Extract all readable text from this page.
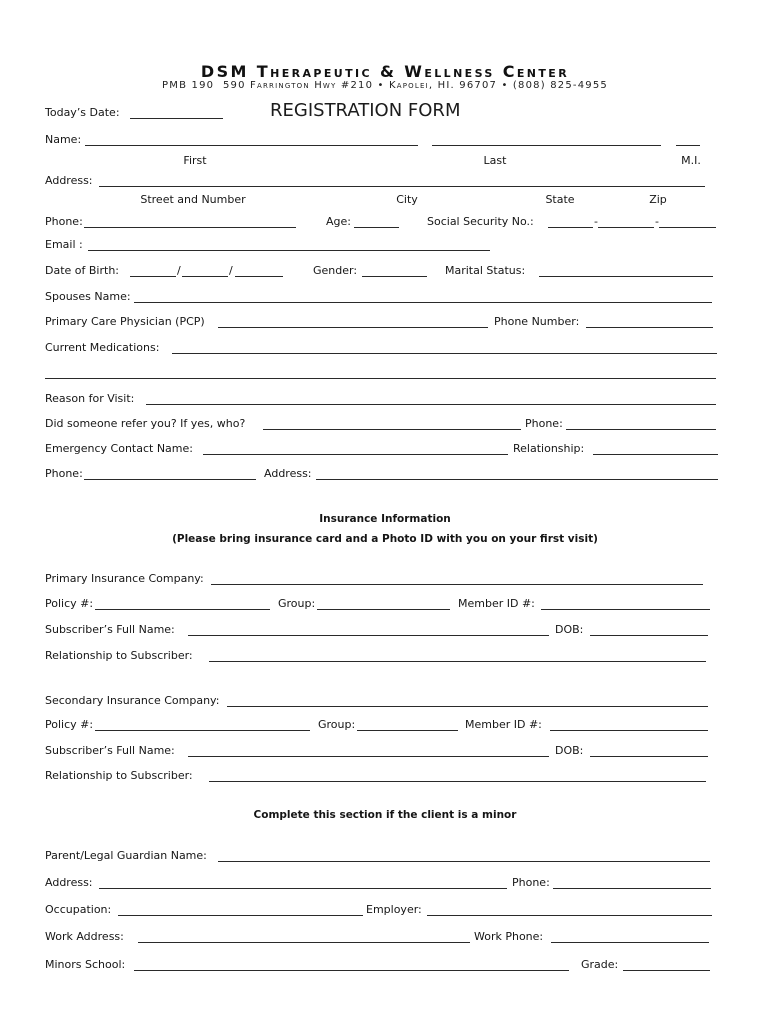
DSM Therapeutic & Wellness Center
PMB 190  590 Farrington Hwy #210 • Kapolei, HI. 96707 • (808) 825-4955
REGISTRATION FORM
Today’s Date:
Name:
First	Last	M.I.
Address:
Street and Number	City	State	Zip
Phone:	Age:	Social Security No.:	-	-
Email :
Date of Birth:	/	/	Gender:	Marital Status:
Spouses Name:
Primary Care Physician (PCP)	Phone Number:
Current Medications:
Reason for Visit:
Did someone refer you? If yes, who?	Phone:
Emergency Contact Name:	Relationship:
Phone:	Address:
Insurance Information
(Please bring insurance card and a Photo ID with you on your first visit)
Primary Insurance Company:
Policy #:	Group:	Member ID #:
Subscriber’s Full Name:	DOB:
Relationship to Subscriber:
Secondary Insurance Company:
Policy #:	Group:	Member ID #:
Subscriber’s Full Name:	DOB:
Relationship to Subscriber:
Complete this section if the client is a minor
Parent/Legal Guardian Name:
Address:	Phone:
Occupation:	Employer:
Work Address:	Work Phone:
Minors School:	Grade:
